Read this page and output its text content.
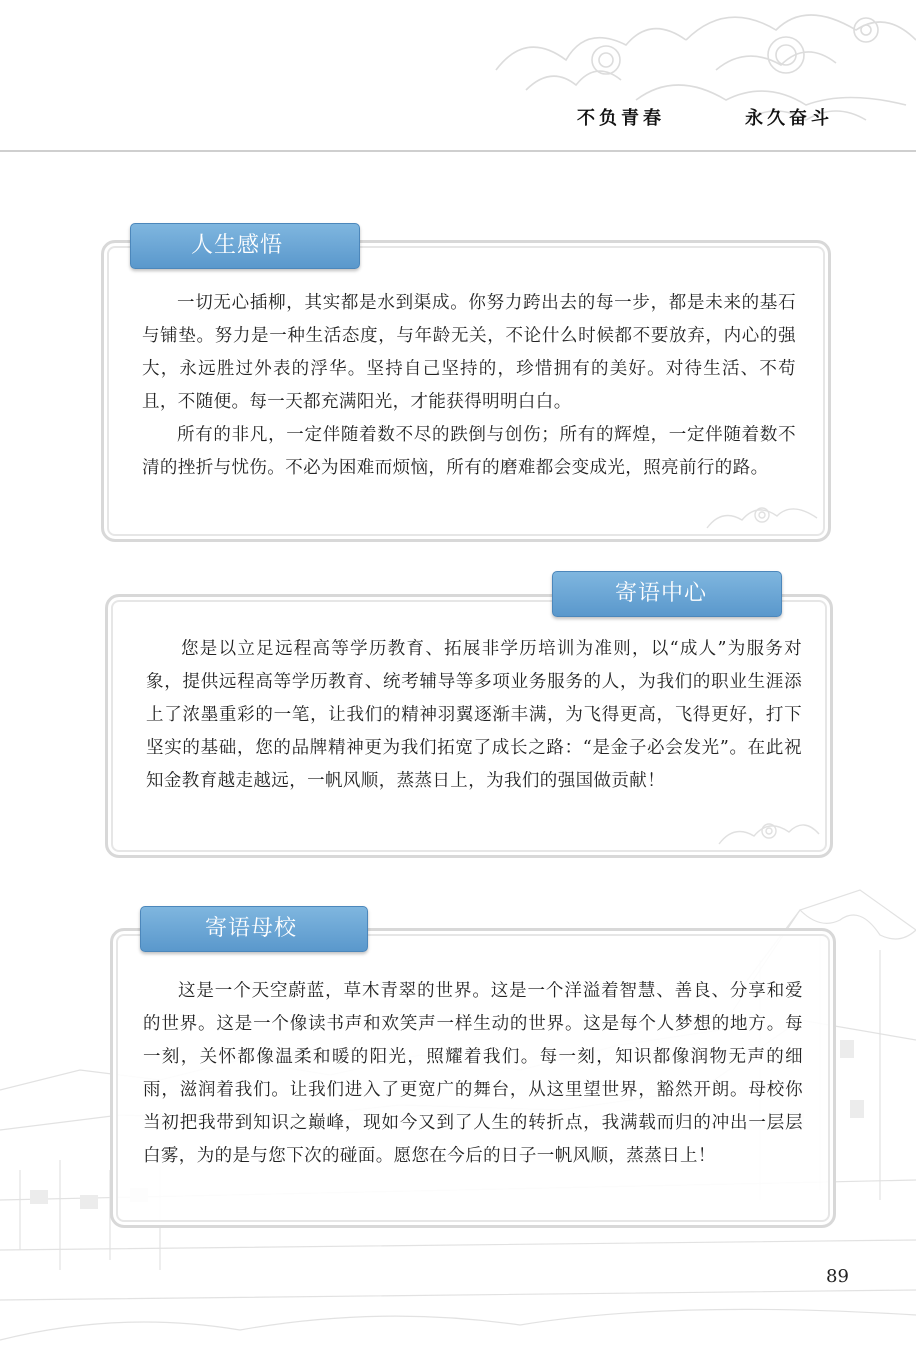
不负青春	永久奋斗

一切无心插柳，其实都是水到渠成。你努力跨出去的每一步，都是未来的基石与铺垫。努力是一种生活态度，与年龄无关，不论什么时候都不要放弃，内心的强大，永远胜过外表的浮华。坚持自己坚持的，珍惜拥有的美好。对待生活、不苟且，不随便。每一天都充满阳光，才能获得明明白白。

所有的非凡，一定伴随着数不尽的跌倒与创伤；所有的辉煌，一定伴随着数不清的挫折与忧伤。不必为困难而烦恼，所有的磨难都会变成光，照亮前行的路。

人生感悟

您是以立足远程高等学历教育、拓展非学历培训为准则，以“成人”为服务对象，提供远程高等学历教育、统考辅导等多项业务服务的人，为我们的职业生涯添上了浓墨重彩的一笔，让我们的精神羽翼逐渐丰满，为飞得更高，飞得更好，打下坚实的基础，您的品牌精神更为我们拓宽了成长之路：“是金子必会发光”。在此祝知金教育越走越远，一帆风顺，蒸蒸日上，为我们的强国做贡献！

寄语中心

这是一个天空蔚蓝，草木青翠的世界。这是一个洋溢着智慧、善良、分享和爱的世界。这是一个像读书声和欢笑声一样生动的世界。这是每个人梦想的地方。每一刻，关怀都像温柔和暖的阳光，照耀着我们。每一刻，知识都像润物无声的细雨，滋润着我们。让我们进入了更宽广的舞台，从这里望世界，豁然开朗。母校你当初把我带到知识之巅峰，现如今又到了人生的转折点，我满载而归的冲出一层层白雾，为的是与您下次的碰面。愿您在今后的日子一帆风顺，蒸蒸日上！

寄语母校
89
